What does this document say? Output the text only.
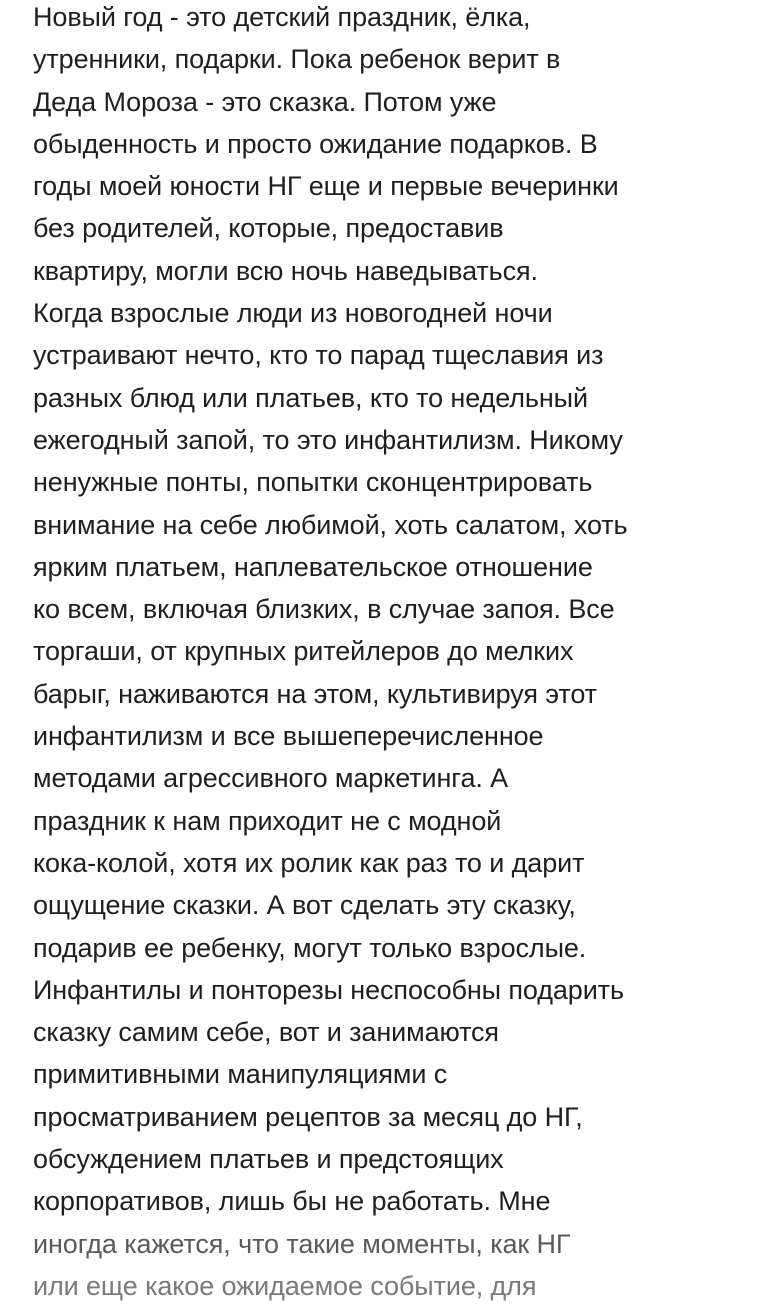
Новый год - это детский праздник, ёлка,
утренники, подарки. Пока ребенок верит в
Деда Мороза - это сказка. Потом уже
обыденность и просто ожидание подарков. В
годы моей юности НГ еще и первые вечеринки
без родителей, которые, предоставив
квартиру, могли всю ночь наведываться.
Когда взрослые люди из новогодней ночи
устраивают нечто, кто то парад тщеславия из
разных блюд или платьев, кто то недельный
ежегодный запой, то это инфантилизм. Никому
ненужные понты, попытки сконцентрировать
внимание на себе любимой, хоть салатом, хоть
ярким платьем, наплевательское отношение
ко всем, включая близких, в случае запоя. Все
торгаши, от крупных ритейлеров до мелких
барыг, наживаются на этом, культивируя этот
инфантилизм и все вышеперечисленное
методами агрессивного маркетинга. А
праздник к нам приходит не с модной
кока-колой, хотя их ролик как раз то и дарит
ощущение сказки. А вот сделать эту сказку,
подарив ее ребенку, могут только взрослые.
Инфантилы и понторезы неспособны подарить
сказку самим себе, вот и занимаются
примитивными манипуляциями с
просматриванием рецептов за месяц до НГ,
обсуждением платьев и предстоящих
корпоративов, лишь бы не работать. Мне
иногда кажется, что такие моменты, как НГ
или еще какое ожидаемое событие, для
